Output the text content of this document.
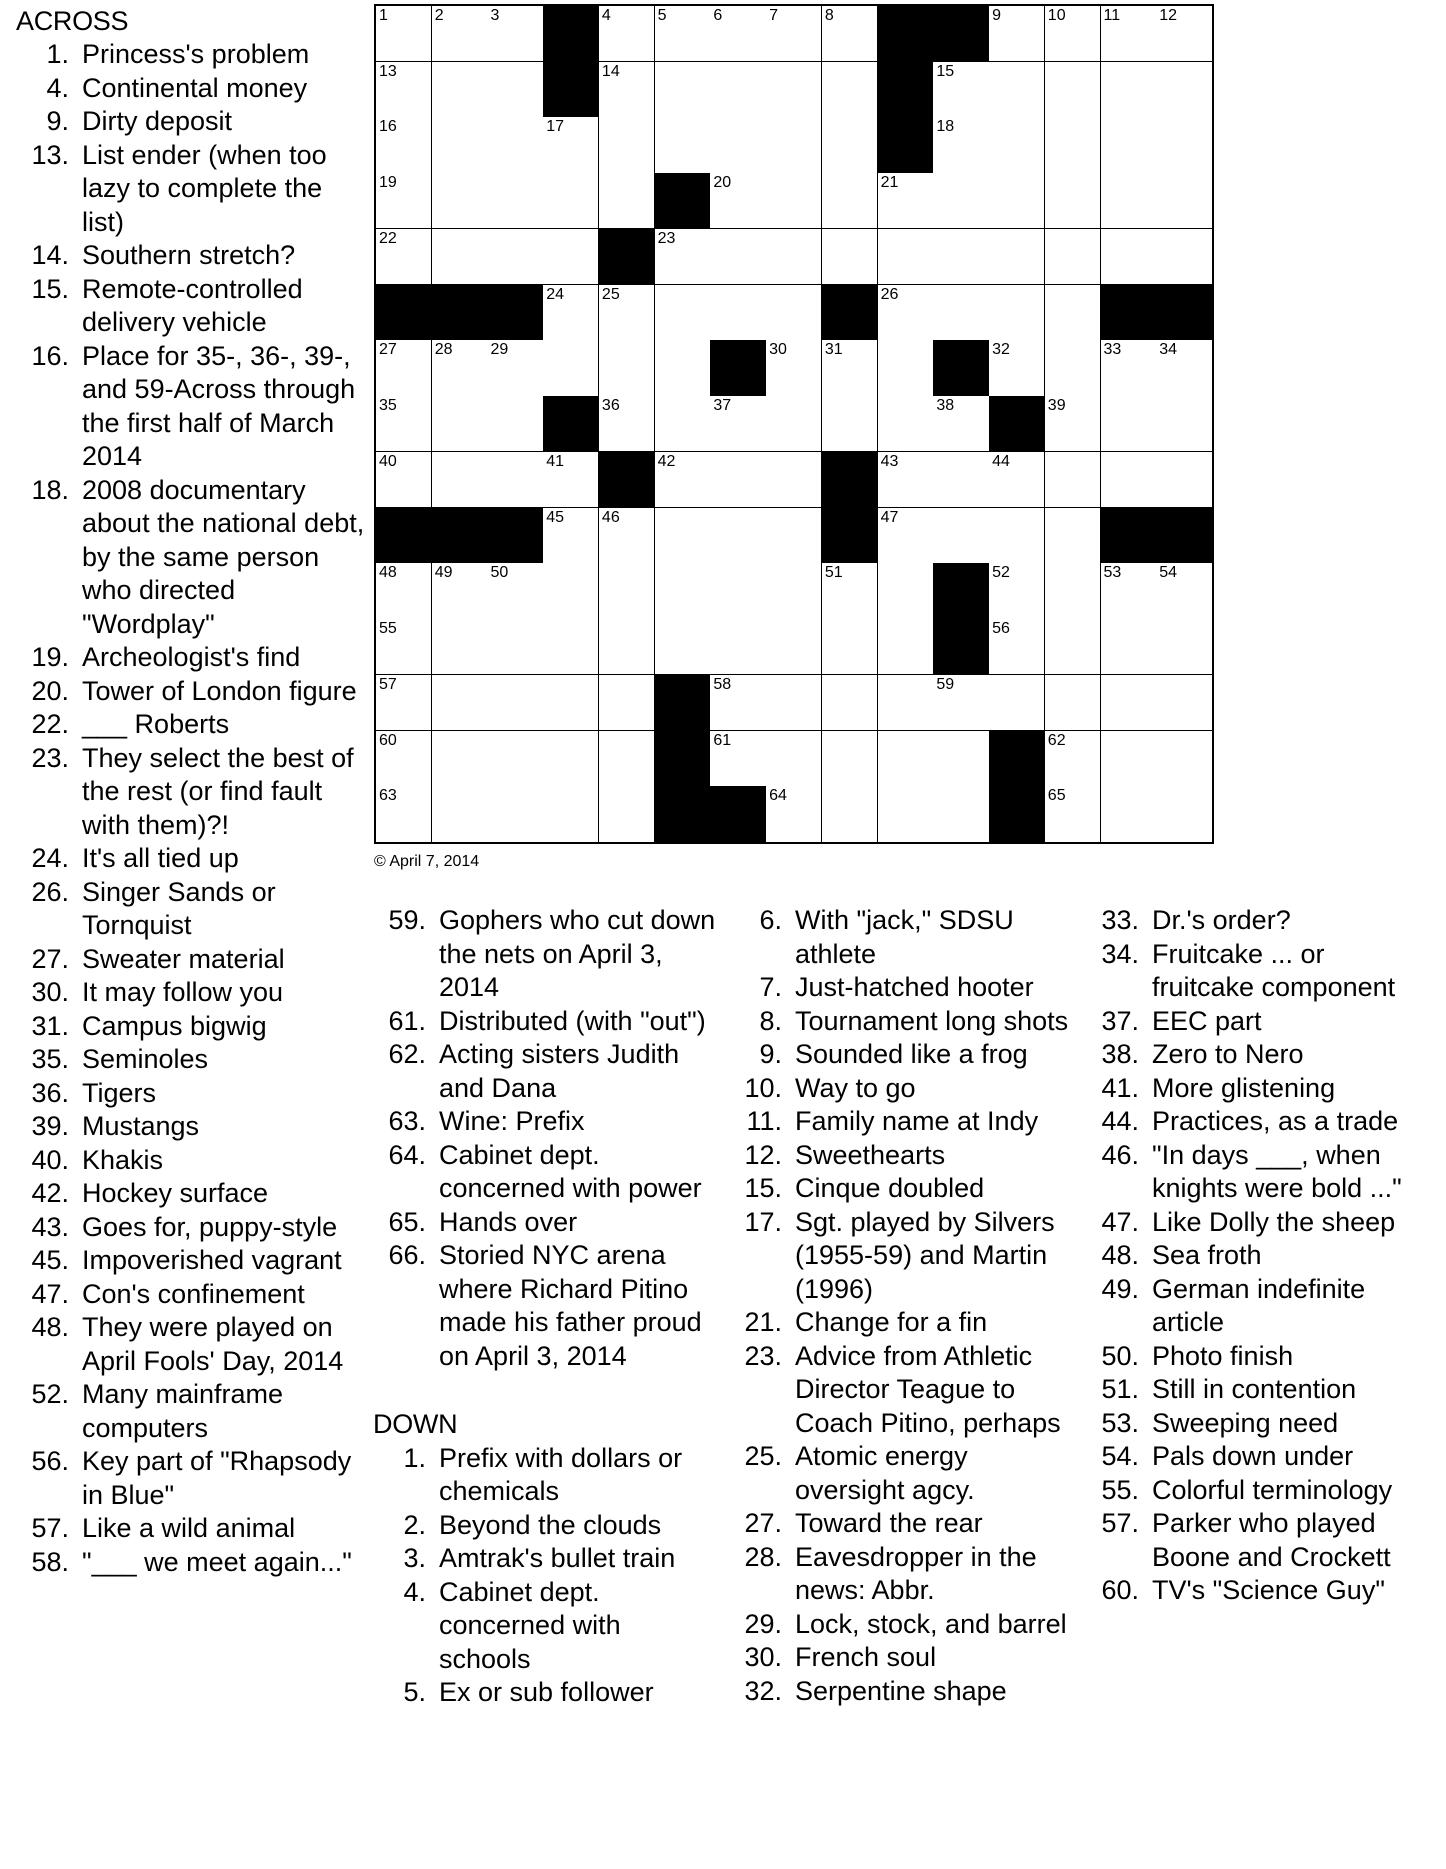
ACROSS
1. Princess's problem
4. Continental money
9. Dirty deposit
13. List ender (when too lazy to complete the list)
14. Southern stretch?
15. Remote-controlled delivery vehicle
16. Place for 35-, 36-, 39-, and 59-Across through the first half of March 2014
18. 2008 documentary about the national debt, by the same person who directed "Wordplay"
19. Archeologist's find
20. Tower of London figure
22. ___ Roberts
23. They select the best of the rest (or find fault with them)?!
24. It's all tied up
26. Singer Sands or Tornquist
27. Sweater material
30. It may follow you
31. Campus bigwig
35. Seminoles
36. Tigers
39. Mustangs
40. Khakis
42. Hockey surface
43. Goes for, puppy-style
45. Impoverished vagrant
47. Con's confinement
48. They were played on April Fools' Day, 2014
52. Many mainframe computers
56. Key part of "Rhapsody in Blue"
57. Like a wild animal
58. "___ we meet again..."
1	2	3	4	5	6	7	8	9	10 11 12
13	14	15
16	17	18
19	20	21
22	23
24 25	26
27 28 29	30 31	32	33 34
35	36	37	38	39
40	41	42	43	44
45 46	47
48 49 50	51	52	53 54
55	56
57	58	59
60	61	62
63	64	65
© April 7, 2014
59. Gophers who cut down the nets on April 3, 2014
61. Distributed (with "out")
62. Acting sisters Judith and Dana
63. Wine: Prefix
64. Cabinet dept. concerned with power
65. Hands over
66. Storied NYC arena where Richard Pitino made his father proud on April 3, 2014
DOWN
1. Prefix with dollars or chemicals
2. Beyond the clouds
3. Amtrak's bullet train
4. Cabinet dept. concerned with schools
5. Ex or sub follower
6. With "jack," SDSU athlete
7. Just-hatched hooter
8. Tournament long shots
9. Sounded like a frog
10. Way to go
11. Family name at Indy
12. Sweethearts
15. Cinque doubled
17. Sgt. played by Silvers (1955-59) and Martin (1996)
21. Change for a fin
23. Advice from Athletic Director Teague to Coach Pitino, perhaps
25. Atomic energy oversight agcy.
27. Toward the rear
28. Eavesdropper in the news: Abbr.
29. Lock, stock, and barrel
30. French soul
32. Serpentine shape
33. Dr.'s order?
34. Fruitcake ... or fruitcake component
37. EEC part
38. Zero to Nero
41. More glistening
44. Practices, as a trade
46. "In days ___, when knights were bold ..."
47. Like Dolly the sheep
48. Sea froth
49. German indefinite article
50. Photo finish
51. Still in contention
53. Sweeping need
54. Pals down under
55. Colorful terminology
57. Parker who played Boone and Crockett
60. TV's "Science Guy"
